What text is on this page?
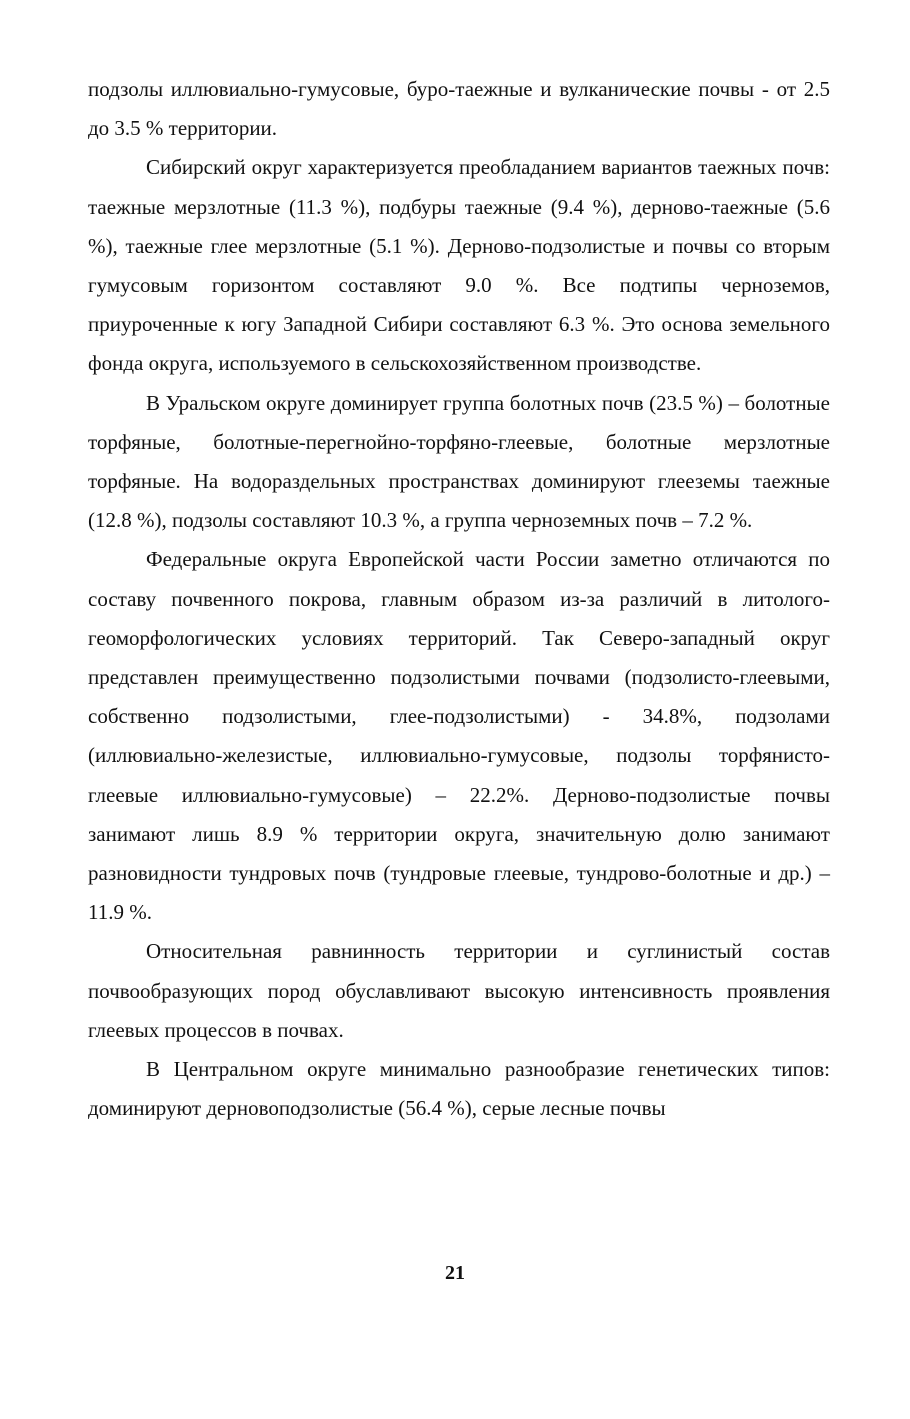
подзолы иллювиально-гумусовые, буро-таежные и вулканические почвы - от 2.5 до 3.5 % территории.

Сибирский округ характеризуется преобладанием вариантов таежных почв: таежные мерзлотные (11.3 %), подбуры таежные (9.4 %), дерново-таежные (5.6 %), таежные глее мерзлотные (5.1 %). Дерново-подзолистые и почвы со вторым гумусовым горизонтом составляют 9.0 %. Все подтипы черноземов, приуроченные к югу Западной Сибири составляют 6.3 %. Это основа земельного фонда округа, используемого в сельскохозяйственном производстве.

В Уральском округе доминирует группа болотных почв (23.5 %) – болотные торфяные, болотные-перегнойно-торфяно-глеевые, болотные мерзлотные торфяные. На водораздельных пространствах доминируют глееземы таежные (12.8 %), подзолы составляют 10.3 %, а группа черноземных почв – 7.2 %.

Федеральные округа Европейской части России заметно отличаются по составу почвенного покрова, главным образом из-за различий в литолого-геоморфологических условиях территорий. Так Северо-западный округ представлен преимущественно подзолистыми почвами (подзолисто-глеевыми, собственно подзолистыми, глее-подзолистыми) - 34.8%, подзолами (иллювиально-железистые, иллювиально-гумусовые, подзолы торфянисто-глеевые иллювиально-гумусовые) – 22.2%. Дерново-подзолистые почвы занимают лишь 8.9 % территории округа, значительную долю занимают разновидности тундровых почв (тундровые глеевые, тундрово-болотные и др.) – 11.9 %.

Относительная равнинность территории и суглинистый состав почвообразующих пород обуславливают высокую интенсивность проявления глеевых процессов в почвах.

В Центральном округе минимально разнообразие генетических типов: доминируют дерновоподзолистые (56.4 %), серые лесные почвы

21
